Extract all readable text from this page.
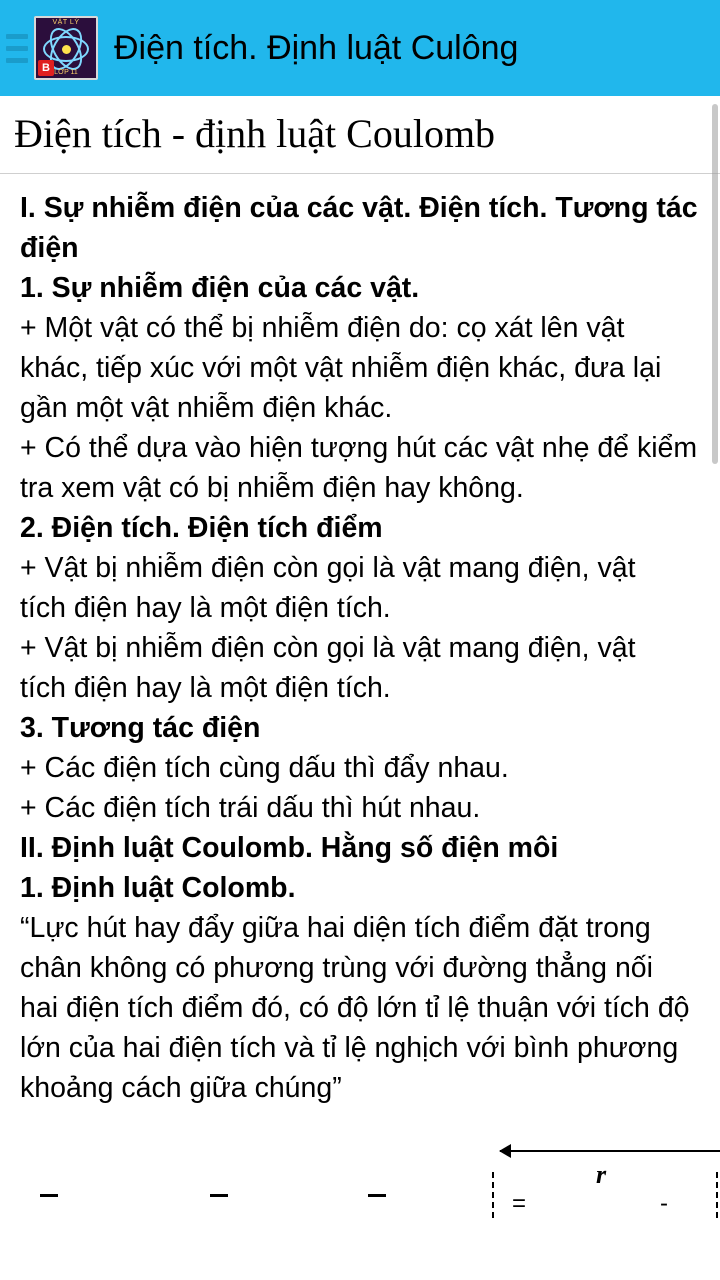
VẬT LÝ
LỚP 11
B
Điện tích. Định luật Culông
Điện tích - định luật Coulomb

I. Sự nhiễm điện của các vật. Điện tích. Tương tác

điện

1. Sự nhiễm điện của các vật.

+ Một vật có thể bị nhiễm điện do: cọ xát lên vật

khác, tiếp xúc với một vật nhiễm điện khác, đưa lại

gần một vật nhiễm điện khác.

+ Có thể dựa vào hiện tượng hút các vật nhẹ để kiểm

tra xem vật có bị nhiễm điện hay không.

2. Điện tích. Điện tích điểm

+ Vật bị nhiễm điện còn gọi là vật mang điện, vật

tích điện hay là một điện tích.

+ Vật bị nhiễm điện còn gọi là vật mang điện, vật

tích điện hay là một điện tích.

3. Tương tác điện

+ Các điện tích cùng dấu thì đẩy nhau.

+ Các điện tích trái dấu thì hút nhau.

II. Định luật Coulomb. Hằng số điện môi

1. Định luật Colomb.

“Lực hút hay đẩy giữa hai diện tích điểm đặt trong

chân không có phương trùng với đường thẳng nối

hai điện tích điểm đó, có độ lớn tỉ lệ thuận với tích độ

lớn của hai điện tích và tỉ lệ nghịch với bình phương

khoảng cách giữa chúng”

r
=	-
